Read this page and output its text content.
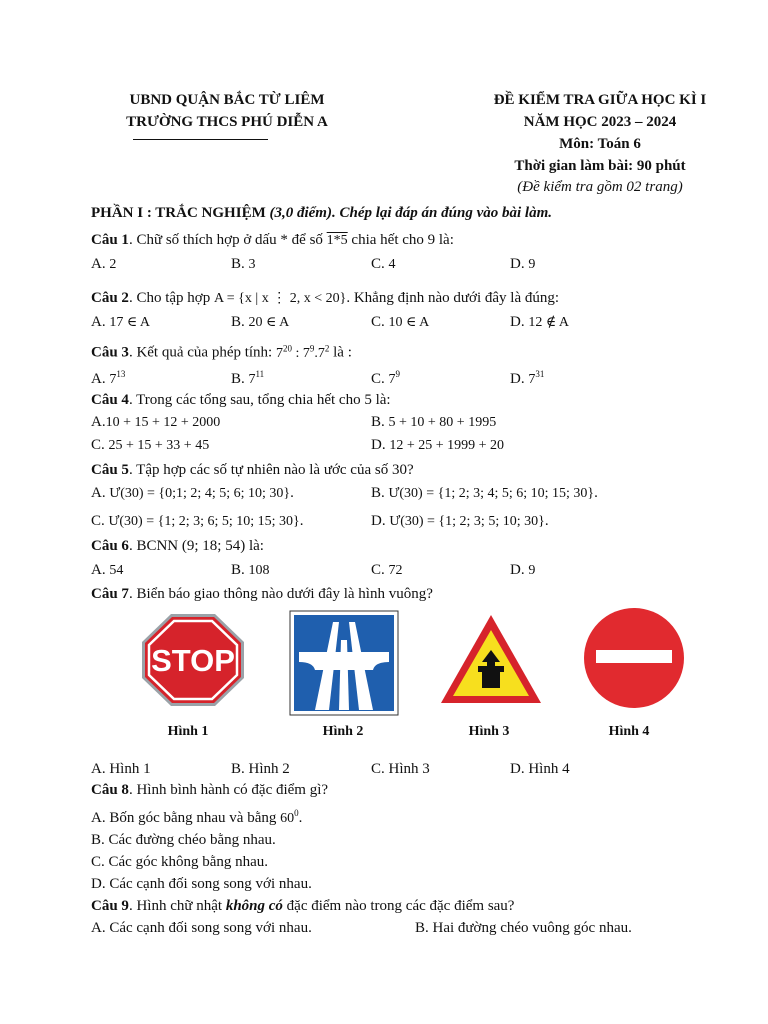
UBND QUẬN BẮC TỪ LIÊM
TRƯỜNG THCS PHÚ DIỄN A
ĐỀ KIỂM TRA GIỮA HỌC KÌ I
NĂM HỌC 2023 – 2024
Môn: Toán 6
Thời gian làm bài: 90 phút
(Đề kiểm tra gồm 02 trang)
PHẦN I : TRẮC NGHIỆM (3,0 điểm). Chép lại đáp án đúng vào bài làm.
Câu 1. Chữ số thích hợp ở dấu * để số 1*5 chia hết cho 9 là:
A. 2	B. 3	C. 4	D. 9
Câu 2. Cho tập hợp A = {x | x ⋮ 2, x < 20}. Khẳng định nào dưới đây là đúng:
A. 17 ∈ A	B. 20 ∈ A	C. 10 ∈ A	D. 12 ∉ A
Câu 3. Kết quả của phép tính: $7^{20}$ : $7^9.7^2$ là :
A. $7^{13}$	B. $7^{11}$	C. $7^9$	D. $7^{31}$
Câu 4. Trong các tổng sau, tổng chia hết cho 5 là:
A.10 + 15 + 12 + 2000	B. 5 + 10 + 80 + 1995
C. 25 + 15 + 33 + 45	D. 12 + 25 + 1999 + 20
Câu 5. Tập hợp các số tự nhiên nào là ước của số 30?
A. Ư(30) = {0;1; 2; 4; 5; 6; 10; 30}.	B. Ư(30) = {1; 2; 3; 4; 5; 6; 10; 15; 30}.
C. Ư(30) = {1; 2; 3; 6; 5; 10; 15; 30}.	D. Ư(30) = {1; 2; 3; 5; 10; 30}.
Câu 6. BCNN (9; 18; 54) là:
A. 54	B. 108	C. 72	D. 9
Câu 7. Biển báo giao thông nào dưới đây là hình vuông?
STOP
Hình 1	Hình 2	Hình 3	Hình 4
A. Hình 1	B. Hình 2	C. Hình 3	D. Hình 4
Câu 8. Hình bình hành có đặc điểm gì?
A. Bốn góc bằng nhau và bằng $60^0$.
B. Các đường chéo bằng nhau.
C. Các góc không bằng nhau.
D. Các cạnh đối song song với nhau.
Câu 9. Hình chữ nhật không có đặc điểm nào trong các đặc điểm sau?
A. Các cạnh đối song song với nhau.	B. Hai đường chéo vuông góc nhau.
